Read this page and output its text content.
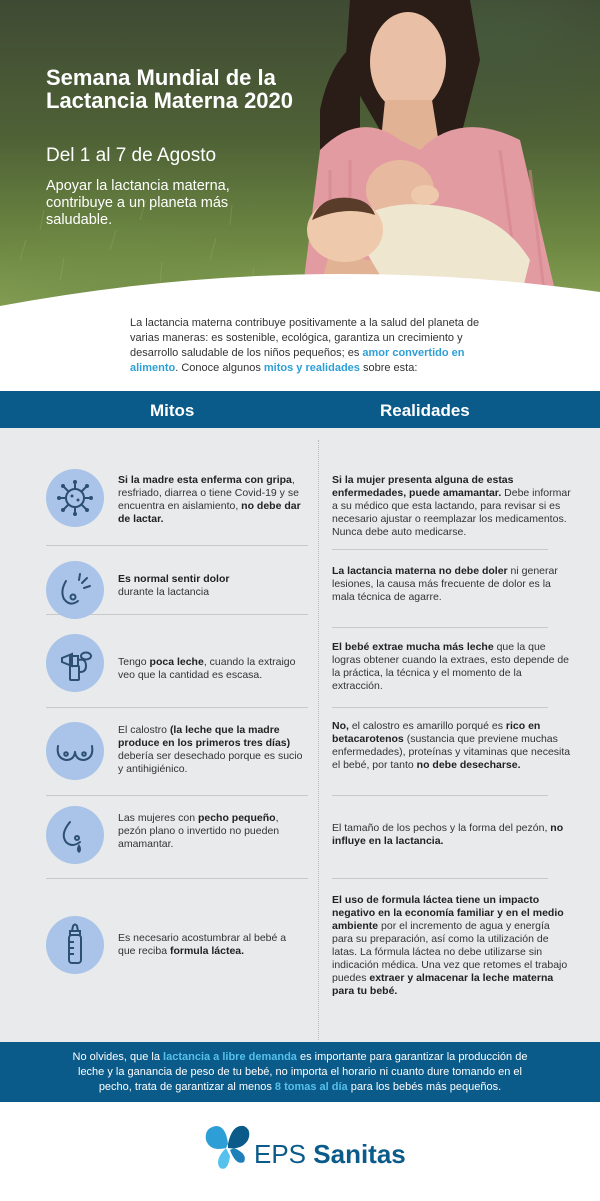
Semana Mundial de la Lactancia Materna 2020
Del 1 al 7 de Agosto
Apoyar la lactancia materna, contribuye a un planeta más saludable.

La lactancia materna contribuye positivamente a la salud del planeta de varias maneras: es sostenible, ecológica, garantiza un crecimiento y desarrollo saludable de los niños pequeños; es amor convertido en alimento. Conoce algunos mitos y realidades sobre esta:

Mitos	Realidades

Si la madre esta enferma con gripa, resfriado, diarrea o tiene Covid-19 y se encuentra en aislamiento, no debe dar de lactar.

Si la mujer presenta alguna de estas enfermedades, puede amamantar. Debe informar a su médico que esta lactando, para revisar si es necesario ajustar o reemplazar los medicamentos. Nunca debe auto medicarse.

Es normal sentir dolor
durante la lactancia

La lactancia materna no debe doler ni generar lesiones, la causa más frecuente de dolor es la mala técnica de agarre.

Tengo poca leche, cuando la extraigo veo que la cantidad es escasa.

El bebé extrae mucha más leche que la que logras obtener cuando la extraes, esto depende de la práctica, la técnica y el momento de la extracción.

El calostro (la leche que la madre produce en los primeros tres días) debería ser desechado porque es sucio y antihigiénico.

No, el calostro es amarillo porqué es rico en betacarotenos (sustancia que previene muchas enfermedades), proteínas y vitaminas que necesita el bebé, por tanto no debe desecharse.

Las mujeres con pecho pequeño, pezón plano o invertido no pueden amamantar.

El tamaño de los pechos y la forma del pezón, no influye en la lactancia.

Es necesario acostumbrar al bebé a que reciba formula láctea.

El uso de formula láctea tiene un impacto negativo en la economía familiar y en el medio ambiente por el incremento de agua y energía para su preparación, así como la utilización de latas. La fórmula láctea no debe utilizarse sin indicación médica. Una vez que retomes el trabajo puedes extraer y almacenar la leche materna para tu bebé.

No olvides, que la lactancia a libre demanda es importante para garantizar la producción de leche y la ganancia de peso de tu bebé, no importa el horario ni cuanto dure tomando en el pecho, trata de garantizar al menos 8 tomas al día para los bebés más pequeños.

EPS Sanitas
